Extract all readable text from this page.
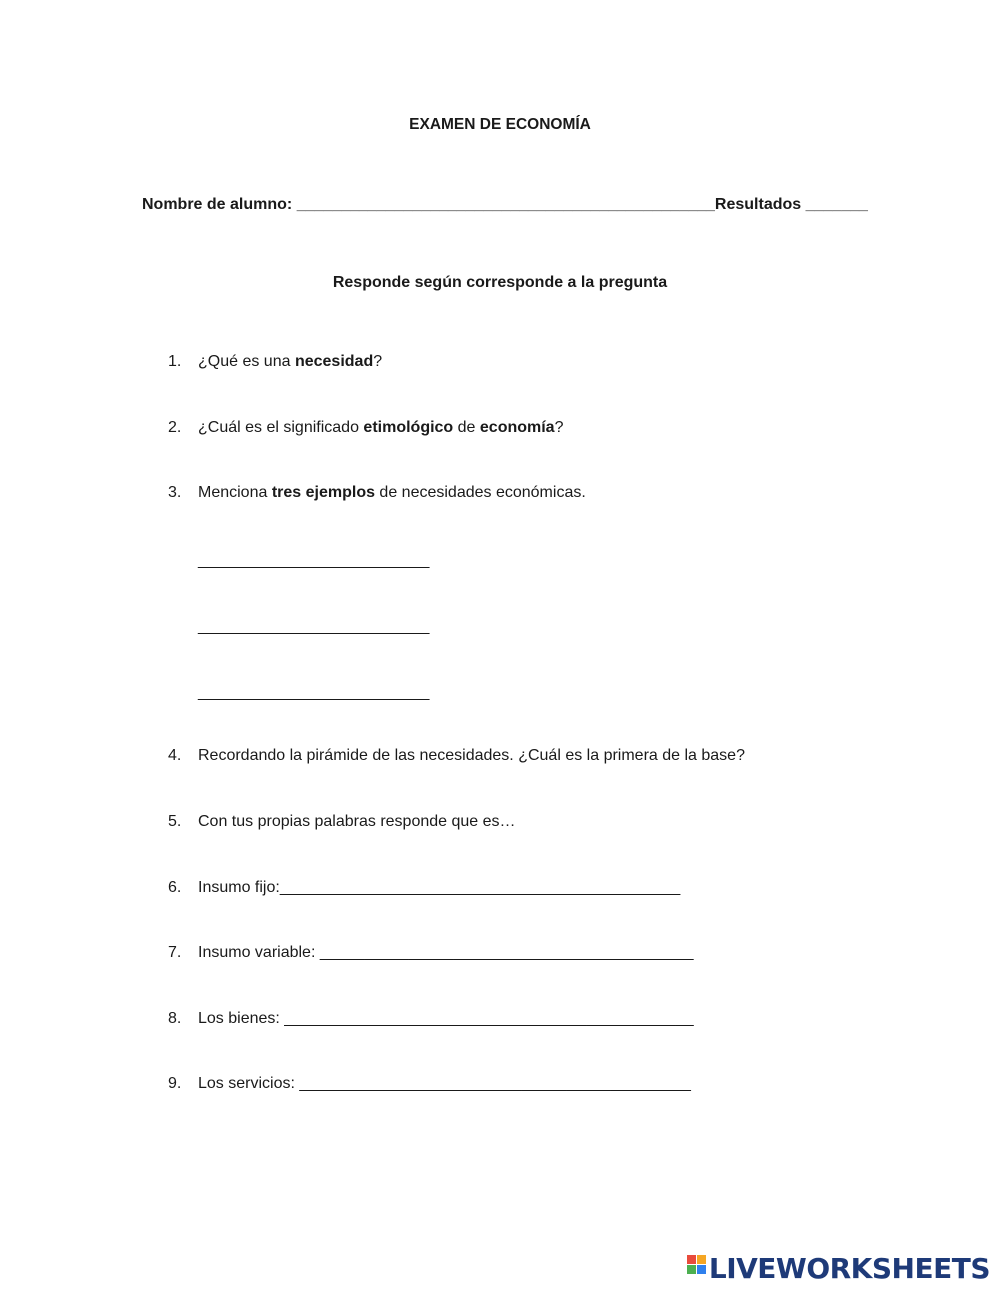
EXAMEN DE ECONOMÍA
Nombre de alumno: _______________________________________________Resultados _______
Responde según corresponde a la pregunta
1.	¿Qué es una necesidad?
2.	¿Cuál es el significado etimológico de economía?
3.	Menciona tres ejemplos de necesidades económicas.
__________________________
__________________________
__________________________
4.	Recordando la pirámide de las necesidades. ¿Cuál es la primera de la base?
5.	Con tus propias palabras responde que es…
6.	Insumo fijo:_____________________________________________
7.	Insumo variable: __________________________________________
8.	Los bienes: ______________________________________________
9.	Los servicios: ____________________________________________
LIVEWORKSHEETS
